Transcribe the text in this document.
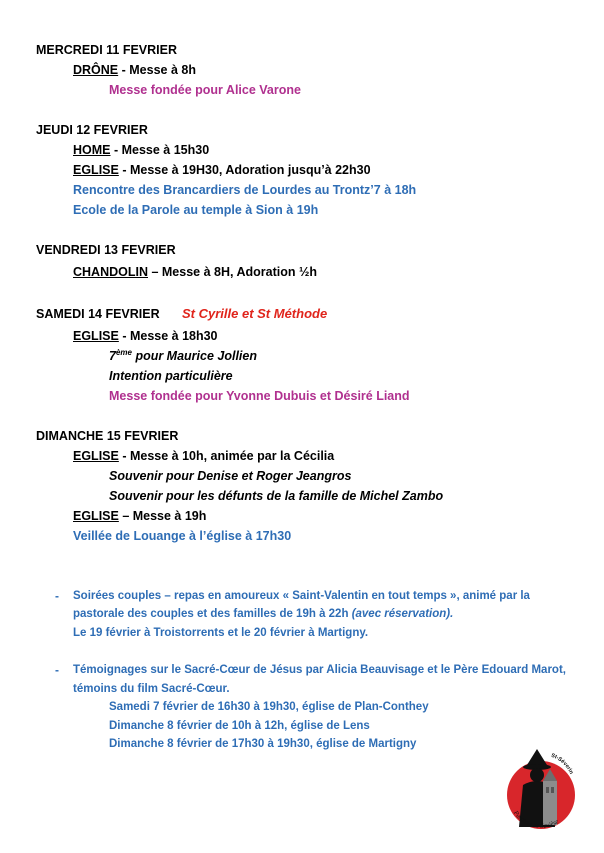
MERCREDI 11 FEVRIER
DRÔNE - Messe à 8h
Messe fondée pour Alice Varone
JEUDI 12 FEVRIER
HOME - Messe à 15h30
EGLISE - Messe à 19H30, Adoration jusqu’à 22h30
Rencontre des Brancardiers de Lourdes au Trontz’7 à 18h
Ecole de la Parole au temple à Sion à 19h
VENDREDI 13 FEVRIER
CHANDOLIN – Messe à 8H, Adoration ½h
SAMEDI 14 FEVRIER St Cyrille et St Méthode
EGLISE - Messe à 18h30
7ème pour Maurice Jollien
Intention particulière
Messe fondée pour Yvonne Dubuis et Désiré Liand
DIMANCHE 15 FEVRIER
EGLISE - Messe à 10h, animée par la Cécilia
Souvenir pour Denise et Roger Jeangros
Souvenir pour les défunts de la famille de Michel Zambo
EGLISE – Messe à 19h
Veillée de Louange à l’église à 17h30
- Soirées couples – repas en amoureux « Saint-Valentin en tout temps », animé par la
pastorale des couples et des familles de 19h à 22h (avec réservation).
Le 19 février à Troistorrents et le 20 février à Martigny.
- Témoignages sur le Sacré-Cœur de Jésus par Alicia Beauvisage et le Père Edouard Marot,
témoins du film Sacré-Cœur.
Samedi 7 février de 16h30 à 19h30, église de Plan-Conthey
Dimanche 8 février de 10h à 12h, église de Lens
Dimanche 8 février de 17h30 à 19h30, église de Martigny
St-Séverin
Paroisse de Savièse
